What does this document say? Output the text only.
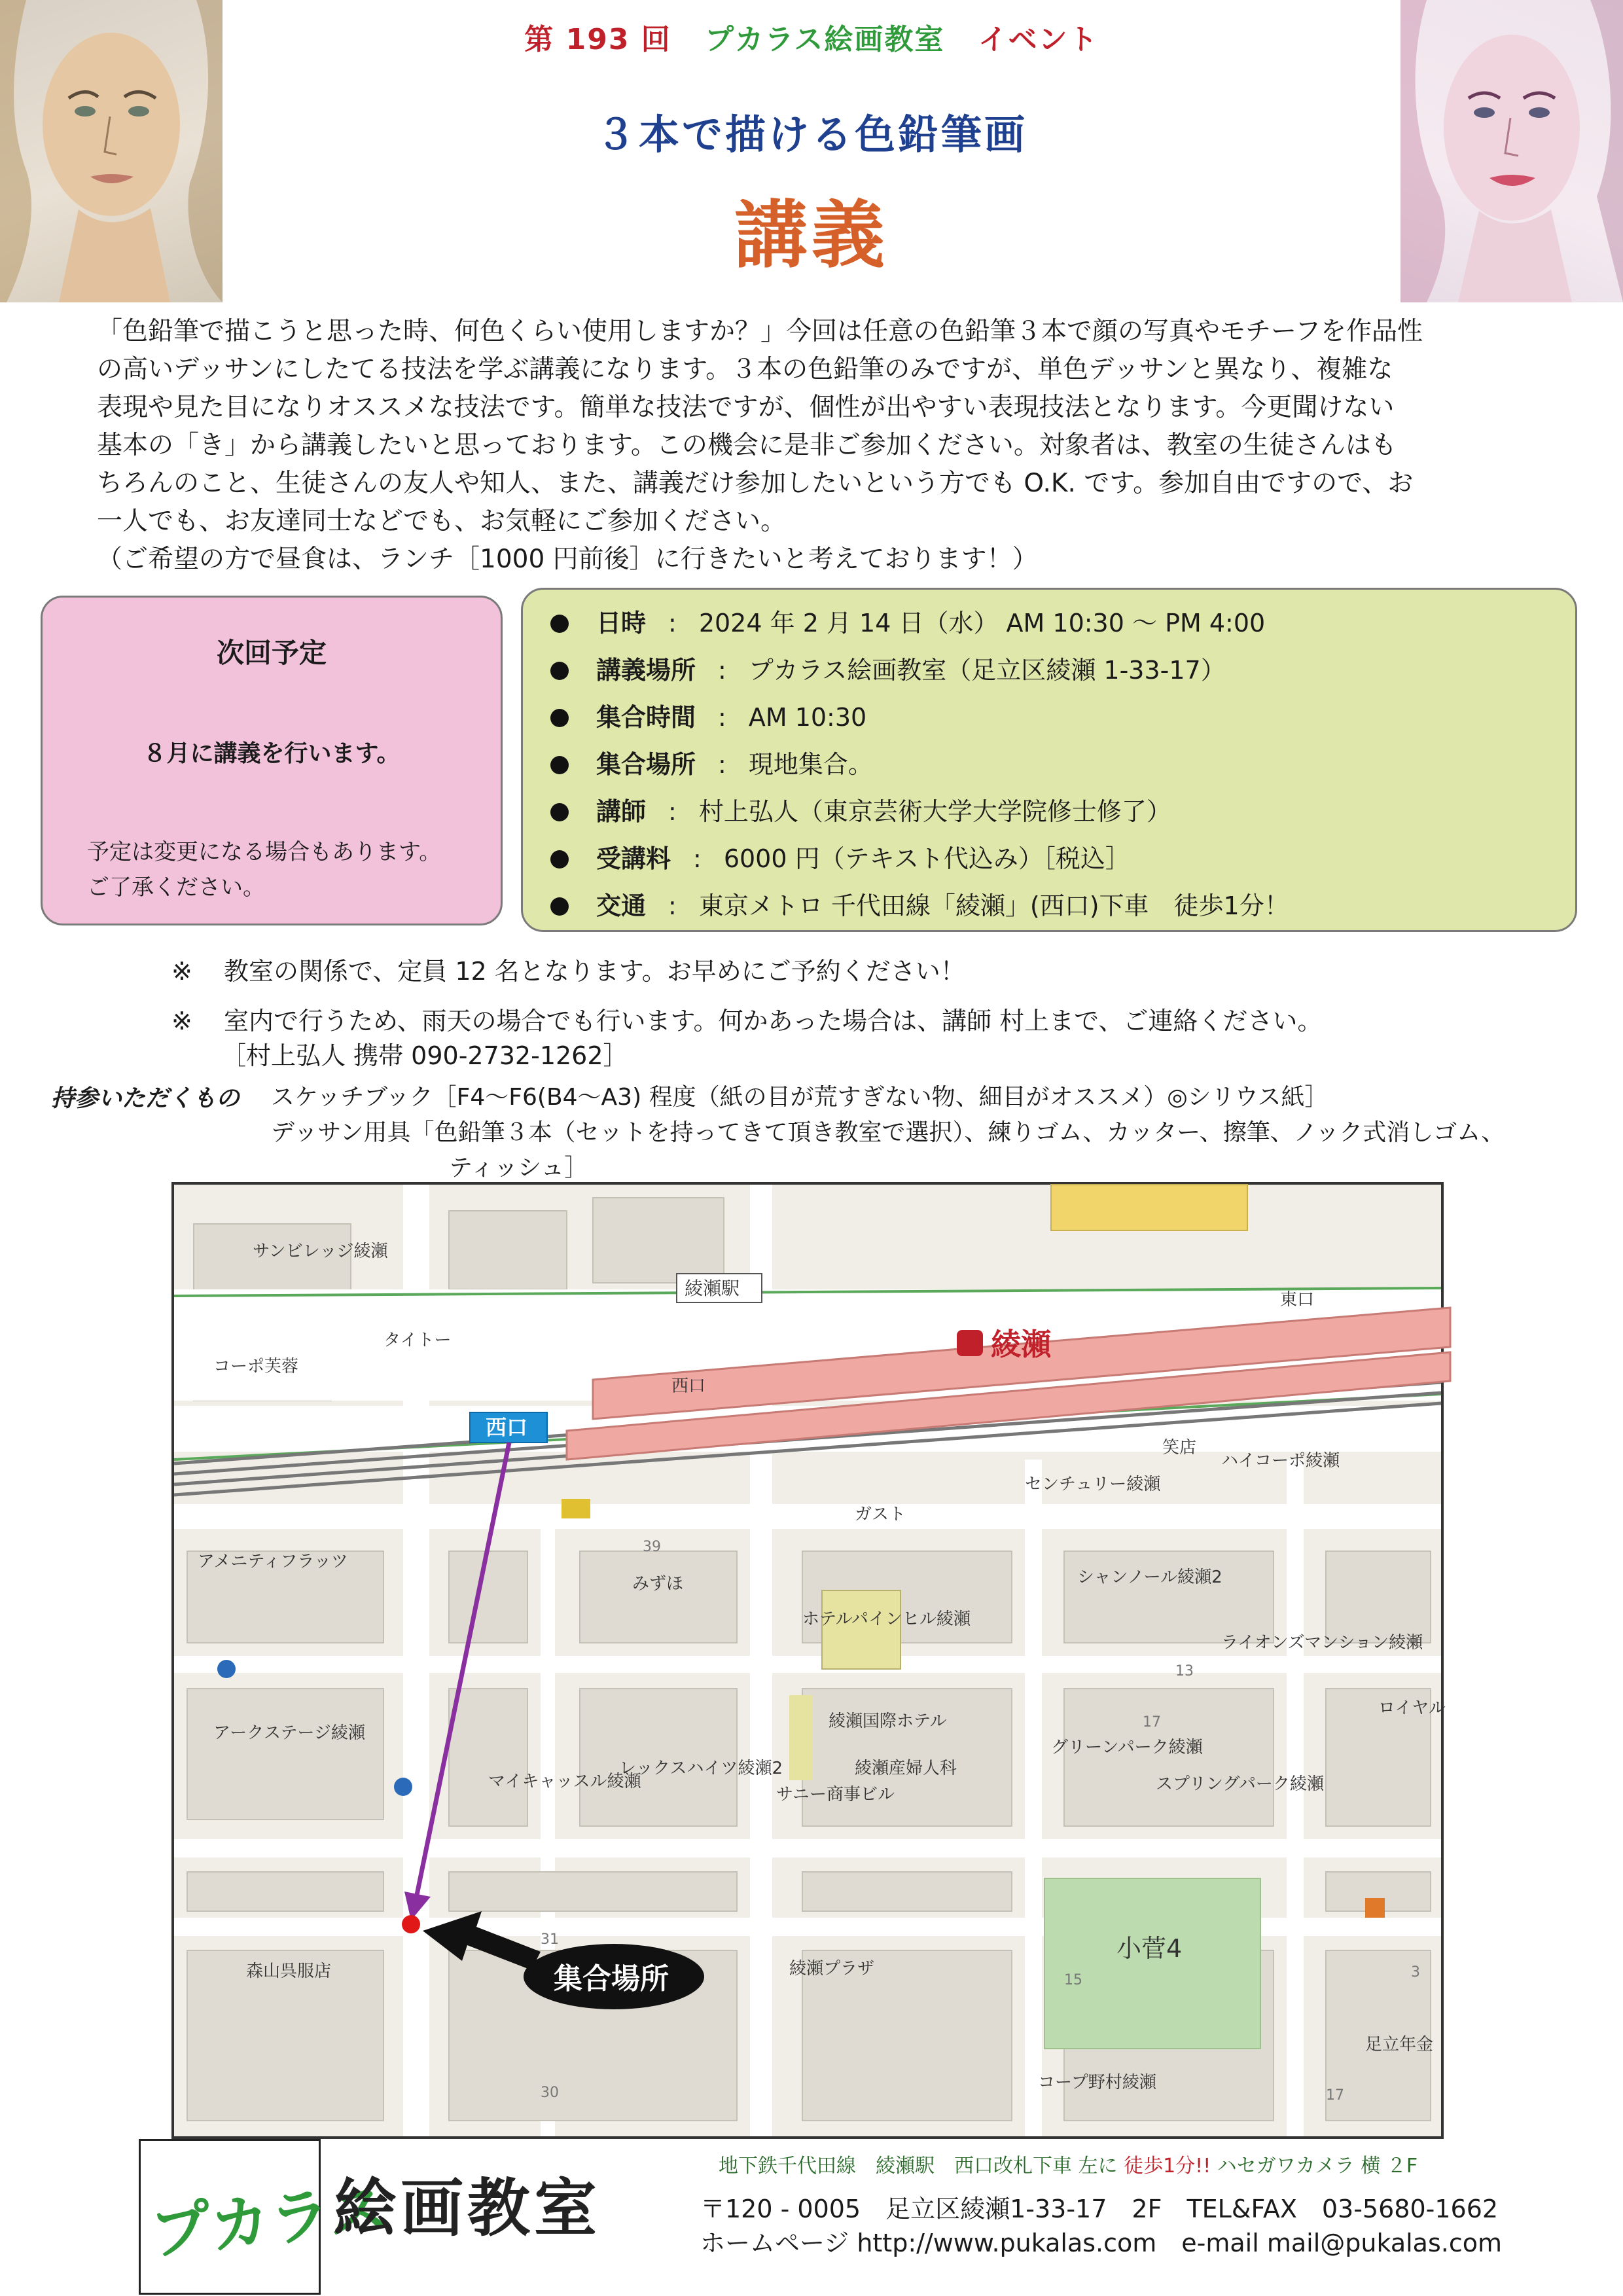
第 193 回 プカラス絵画教室 イベント
３本で描ける色鉛筆画
講義

「色鉛筆で描こうと思った時、何色くらい使用しますか？」今回は任意の色鉛筆３本で顔の写真やモチーフを作品性

の高いデッサンにしたてる技法を学ぶ講義になります。３本の色鉛筆のみですが、単色デッサンと異なり、複雑な

表現や見た目になりオススメな技法です。簡単な技法ですが、個性が出やすい表現技法となります。今更聞けない

基本の「き」から講義したいと思っております。この機会に是非ご参加ください。対象者は、教室の生徒さんはも

ちろんのこと、生徒さんの友人や知人、また、講義だけ参加したいという方でも O.K. です。参加自由ですので、お

一人でも、お友達同士などでも、お気軽にご参加ください。

（ご希望の方で昼食は、ランチ［1000 円前後］に行きたいと考えております！）

次回予定
８月に講義を行います。
予定は変更になる場合もあります。
ご了承ください。
日時 : 2024 年 2 月 14 日（水） AM 10:30 ～ PM 4:00
講義場所 : プカラス絵画教室（足立区綾瀬 1-33-17）
集合時間 : AM 10:30
集合場所 : 現地集合。
講師 : 村上弘人（東京芸術大学大学院修士修了）
受講料 : 6000 円（テキスト代込み）［税込］
交通 : 東京メトロ 千代田線「綾瀬」(西口)下車　徒歩1分！
※ 教室の関係で、定員 12 名となります。お早めにご予約ください！
※ 室内で行うため、雨天の場合でも行います。何かあった場合は、講師 村上まで、ご連絡ください。
［村上弘人 携帯 090-2732-1262］
持参いただくもの スケッチブック［F4～F6(B4～A3) 程度（紙の目が荒すぎない物、細目がオススメ）◎シリウス紙］
デッサン用具「色鉛筆３本（セットを持ってきて頂き教室で選択）、練りゴム、カッター、擦筆、ノック式消しゴム、
ティッシュ］
西口
東口
綾瀬
綾瀬駅
西口
集合場所
小菅4
サンビレッジ綾瀬
コーポ芙蓉
タイトー
アメニティフラッツ
みずほ
ガスト
センチュリー綾瀬
笑店
ハイコーポ綾瀬
シャンノール綾瀬2
ホテルパインヒル綾瀬
ライオンズマンション綾瀬
グリーンパーク綾瀬
綾瀬国際ホテル
綾瀬産婦人科
スプリングパーク綾瀬
ロイヤル
アークステージ綾瀬
マイキャッスル綾瀬
レックスハイツ綾瀬2
サニー商事ビル
森山呉服店	綾瀬プラザ
コープ野村綾瀬
足立年金
39
13
17
31
15
30	17
3
プカラス
絵画教室
地下鉄千代田線　綾瀬駅　西口改札下車 左に 徒歩1分!! ハセガワカメラ 横 ２F
〒120 - 0005　足立区綾瀬1-33-17　2F　TEL&FAX　03-5680-1662
ホームページ http://www.pukalas.com　e-mail mail@pukalas.com
